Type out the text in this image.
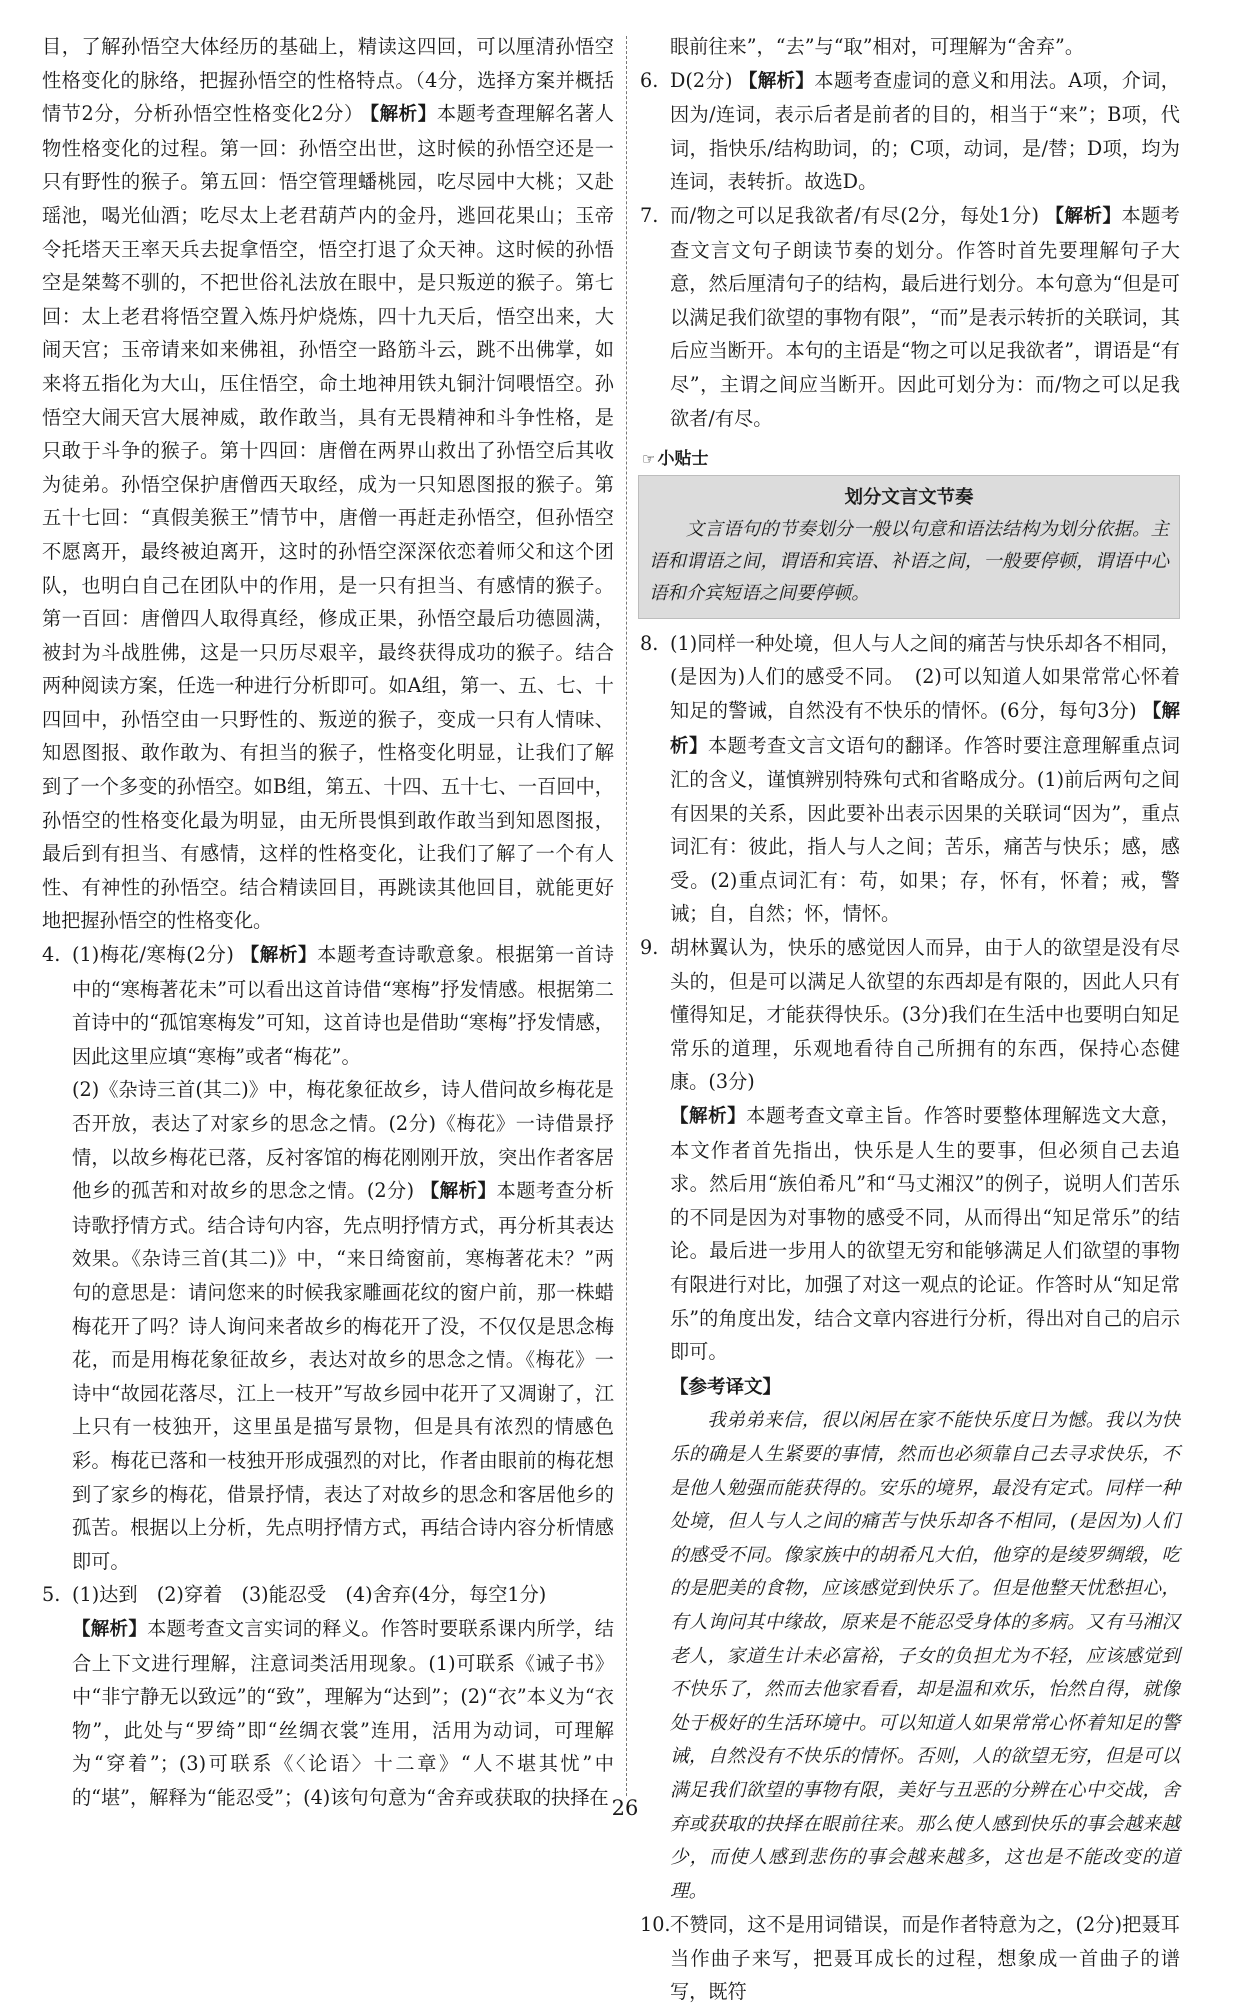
目，了解孙悟空大体经历的基础上，精读这四回，可以厘清孙悟空性格变化的脉络，把握孙悟空的性格特点。（4分，选择方案并概括情节2分，分析孙悟空性格变化2分） 【解析】本题考查理解名著人物性格变化的过程。第一回：孙悟空出世，这时候的孙悟空还是一只有野性的猴子。第五回：悟空管理蟠桃园，吃尽园中大桃；又赴瑶池，喝光仙酒；吃尽太上老君葫芦内的金丹，逃回花果山；玉帝令托塔天王率天兵去捉拿悟空，悟空打退了众天神。这时候的孙悟空是桀骜不驯的，不把世俗礼法放在眼中，是只叛逆的猴子。第七回：太上老君将悟空置入炼丹炉烧炼，四十九天后，悟空出来，大闹天宫；玉帝请来如来佛祖，孙悟空一路筋斗云，跳不出佛掌，如来将五指化为大山，压住悟空，命土地神用铁丸铜汁饲喂悟空。孙悟空大闹天宫大展神威，敢作敢当，具有无畏精神和斗争性格，是只敢于斗争的猴子。第十四回：唐僧在两界山救出了孙悟空后其收为徒弟。孙悟空保护唐僧西天取经，成为一只知恩图报的猴子。第五十七回：“真假美猴王”情节中，唐僧一再赶走孙悟空，但孙悟空不愿离开，最终被迫离开，这时的孙悟空深深依恋着师父和这个团队，也明白自己在团队中的作用，是一只有担当、有感情的猴子。第一百回：唐僧四人取得真经，修成正果，孙悟空最后功德圆满，被封为斗战胜佛，这是一只历尽艰辛，最终获得成功的猴子。结合两种阅读方案，任选一种进行分析即可。如A组，第一、五、七、十四回中，孙悟空由一只野性的、叛逆的猴子，变成一只有人情味、知恩图报、敢作敢为、有担当的猴子，性格变化明显，让我们了解到了一个多变的孙悟空。如B组，第五、十四、五十七、一百回中，孙悟空的性格变化最为明显，由无所畏惧到敢作敢当到知恩图报，最后到有担当、有感情，这样的性格变化，让我们了解了一个有人性、有神性的孙悟空。结合精读回目，再跳读其他回目，就能更好地把握孙悟空的性格变化。

4. (1)梅花/寒梅(2分) 【解析】本题考查诗歌意象。根据第一首诗中的“寒梅著花未”可以看出这首诗借“寒梅”抒发情感。根据第二首诗中的“孤馆寒梅发”可知，这首诗也是借助“寒梅”抒发情感，因此这里应填“寒梅”或者“梅花”。

(2)《杂诗三首(其二)》中，梅花象征故乡，诗人借问故乡梅花是否开放，表达了对家乡的思念之情。(2分)《梅花》一诗借景抒情，以故乡梅花已落，反衬客馆的梅花刚刚开放，突出作者客居他乡的孤苦和对故乡的思念之情。(2分) 【解析】本题考查分析诗歌抒情方式。结合诗句内容，先点明抒情方式，再分析其表达效果。《杂诗三首(其二)》中，“来日绮窗前，寒梅著花未？”两句的意思是：请问您来的时候我家雕画花纹的窗户前，那一株蜡梅花开了吗？诗人询问来者故乡的梅花开了没，不仅仅是思念梅花，而是用梅花象征故乡，表达对故乡的思念之情。《梅花》一诗中“故园花落尽，江上一枝开”写故乡园中花开了又凋谢了，江上只有一枝独开，这里虽是描写景物，但是具有浓烈的情感色彩。梅花已落和一枝独开形成强烈的对比，作者由眼前的梅花想到了家乡的梅花，借景抒情，表达了对故乡的思念和客居他乡的孤苦。根据以上分析，先点明抒情方式，再结合诗内容分析情感即可。

5. (1)达到　(2)穿着　(3)能忍受　(4)舍弃(4分，每空1分)

【解析】本题考查文言实词的释义。作答时要联系课内所学，结合上下文进行理解，注意词类活用现象。(1)可联系《诫子书》中“非宁静无以致远”的“致”，理解为“达到”；(2)“衣”本义为“衣物”，此处与“罗绮”即“丝绸衣裳”连用，活用为动词，可理解为“穿着”；(3)可联系《〈论语〉十二章》“人不堪其忧”中的“堪”，解释为“能忍受”；(4)该句句意为“舍弃或获取的抉择在

眼前往来”，“去”与“取”相对，可理解为“舍弃”。

6. D(2分) 【解析】本题考查虚词的意义和用法。A项，介词，因为/连词，表示后者是前者的目的，相当于“来”；B项，代词，指快乐/结构助词，的；C项，动词，是/替；D项，均为连词，表转折。故选D。

7. 而/物之可以足我欲者/有尽(2分，每处1分) 【解析】本题考查文言文句子朗读节奏的划分。作答时首先要理解句子大意，然后厘清句子的结构，最后进行划分。本句意为“但是可以满足我们欲望的事物有限”，“而”是表示转折的关联词，其后应当断开。本句的主语是“物之可以足我欲者”，谓语是“有尽”，主谓之间应当断开。因此可划分为：而/物之可以足我欲者/有尽。

☞ 小贴士
划分文言文节奏
文言语句的节奏划分一般以句意和语法结构为划分依据。主语和谓语之间，谓语和宾语、补语之间，一般要停顿，谓语中心语和介宾短语之间要停顿。
8. (1)同样一种处境，但人与人之间的痛苦与快乐却各不相同，(是因为)人们的感受不同。　(2)可以知道人如果常常心怀着知足的警诫，自然没有不快乐的情怀。(6分，每句3分) 【解析】本题考查文言文语句的翻译。作答时要注意理解重点词汇的含义，谨慎辨别特殊句式和省略成分。(1)前后两句之间有因果的关系，因此要补出表示因果的关联词“因为”，重点词汇有：彼此，指人与人之间；苦乐，痛苦与快乐；感，感受。(2)重点词汇有：苟，如果；存，怀有，怀着；戒，警诫；自，自然；怀，情怀。

9. 胡林翼认为，快乐的感觉因人而异，由于人的欲望是没有尽头的，但是可以满足人欲望的东西却是有限的，因此人只有懂得知足，才能获得快乐。(3分)我们在生活中也要明白知足常乐的道理，乐观地看待自己所拥有的东西，保持心态健康。(3分)

【解析】本题考查文章主旨。作答时要整体理解选文大意，本文作者首先指出，快乐是人生的要事，但必须自己去追求。然后用“族伯希凡”和“马丈湘汉”的例子，说明人们苦乐的不同是因为对事物的感受不同，从而得出“知足常乐”的结论。最后进一步用人的欲望无穷和能够满足人们欲望的事物有限进行对比，加强了对这一观点的论证。作答时从“知足常乐”的角度出发，结合文章内容进行分析，得出对自己的启示即可。

【参考译文】

我弟弟来信，很以闲居在家不能快乐度日为憾。我以为快乐的确是人生紧要的事情，然而也必须靠自己去寻求快乐，不是他人勉强而能获得的。安乐的境界，最没有定式。同样一种处境，但人与人之间的痛苦与快乐却各不相同，(是因为)人们的感受不同。像家族中的胡希凡大伯，他穿的是绫罗绸缎，吃的是肥美的食物，应该感觉到快乐了。但是他整天忧愁担心，有人询问其中缘故，原来是不能忍受身体的多病。又有马湘汉老人，家道生计未必富裕，子女的负担尤为不轻，应该感觉到不快乐了，然而去他家看看，却是温和欢乐，怡然自得，就像处于极好的生活环境中。可以知道人如果常常心怀着知足的警诫，自然没有不快乐的情怀。否则，人的欲望无穷，但是可以满足我们欲望的事物有限，美好与丑恶的分辨在心中交战，舍弃或获取的抉择在眼前往来。那么使人感到快乐的事会越来越少，而使人感到悲伤的事会越来越多，这也是不能改变的道理。

10. 不赞同，这不是用词错误，而是作者特意为之，(2分)把聂耳当作曲子来写，把聂耳成长的过程，想象成一首曲子的谱写，既符

26
